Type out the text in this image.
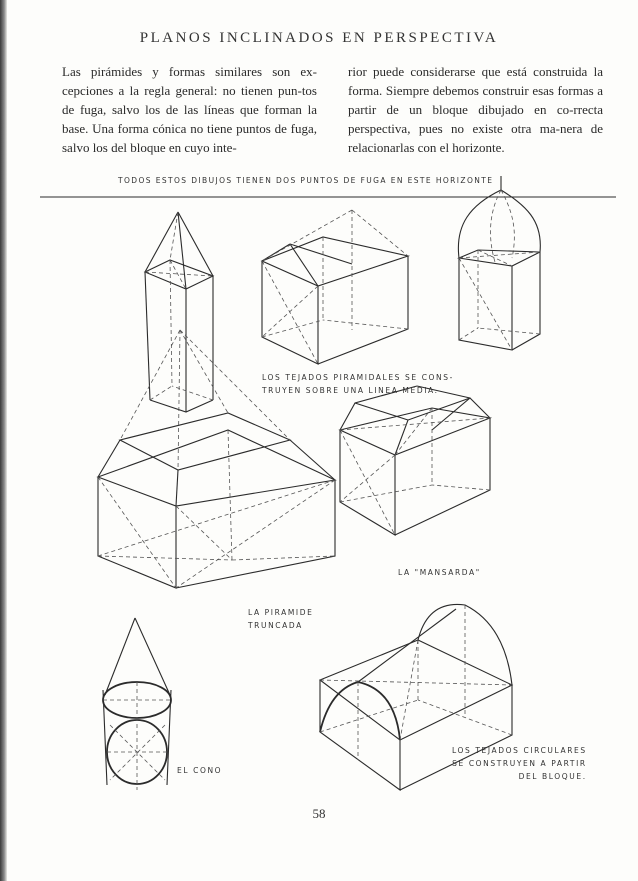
PLANOS INCLINADOS EN PERSPECTIVA
Las pirámides y formas similares son ex-cepciones a la regla general: no tienen pun-tos de fuga, salvo los de las líneas que forman la base. Una forma cónica no tiene puntos de fuga, salvo los del bloque en cuyo inte-
rior puede considerarse que está construida la forma. Siempre debemos construir esas formas a partir de un bloque dibujado en co-rrecta perspectiva, pues no existe otra ma-nera de relacionarlas con el horizonte.
TODOS ESTOS DIBUJOS TIENEN DOS PUNTOS DE FUGA EN ESTE HORIZONTE
LOS TEJADOS PIRAMIDALES SE CONS-
TRUYEN SOBRE UNA LINEA MEDIA.
LA "MANSARDA"
LA PIRAMIDE
TRUNCADA
EL CONO
LOS TEJADOS CIRCULARES
SE CONSTRUYEN A PARTIR
DEL BLOQUE.
58
